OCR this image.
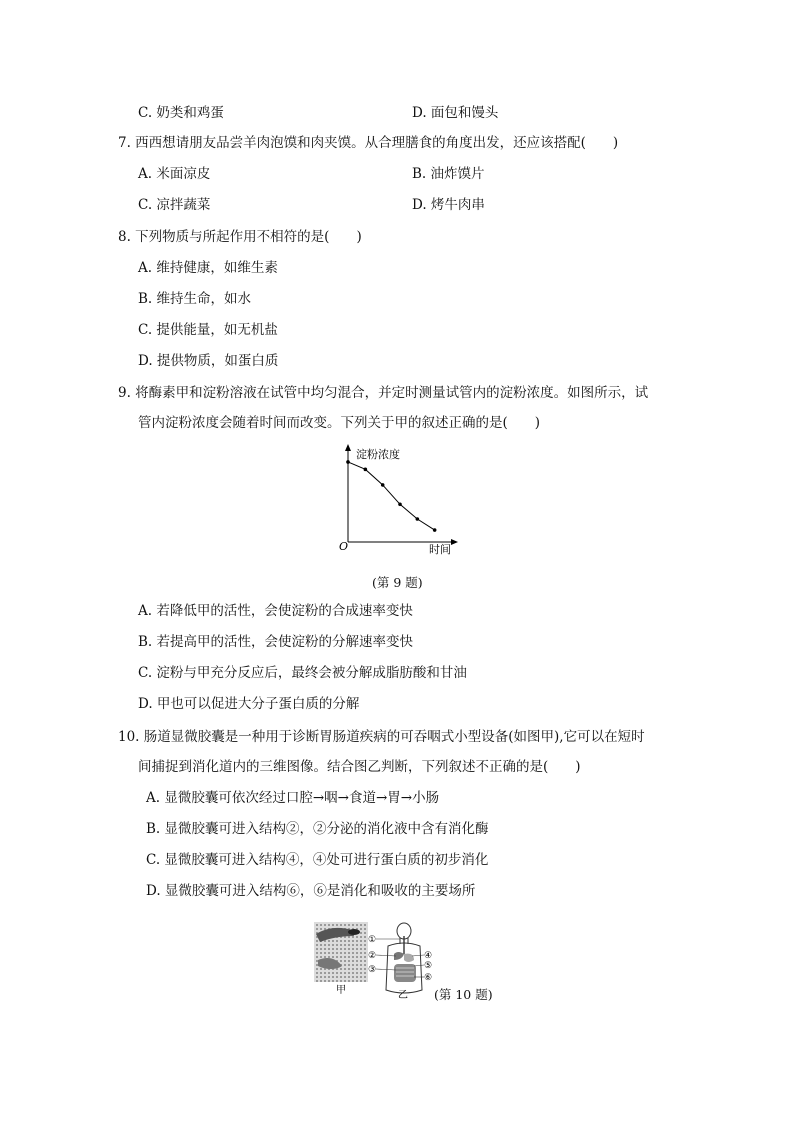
C. 奶类和鸡蛋	D. 面包和馒头
7. 西西想请朋友品尝羊肉泡馍和肉夹馍。从合理膳食的角度出发，还应该搭配(　　)
A. 米面凉皮	B. 油炸馍片
C. 凉拌蔬菜	D. 烤牛肉串
8. 下列物质与所起作用不相符的是(　　)
A. 维持健康，如维生素
B. 维持生命，如水
C. 提供能量，如无机盐
D. 提供物质，如蛋白质
9. 将酶素甲和淀粉溶液在试管中均匀混合，并定时测量试管内的淀粉浓度。如图所示，试
管内淀粉浓度会随着时间而改变。下列关于甲的叙述正确的是(　　)
淀粉浓度
时间
O
(第 9 题)
A. 若降低甲的活性，会使淀粉的合成速率变快
B. 若提高甲的活性，会使淀粉的分解速率变快
C. 淀粉与甲充分反应后，最终会被分解成脂肪酸和甘油
D. 甲也可以促进大分子蛋白质的分解
10. 肠道显微胶囊是一种用于诊断胃肠道疾病的可吞咽式小型设备(如图甲),它可以在短时
间捕捉到消化道内的三维图像。结合图乙判断，下列叙述不正确的是(　　)
A. 显微胶囊可依次经过口腔→咽→食道→胃→小肠
B. 显微胶囊可进入结构②，②分泌的消化液中含有消化酶
C. 显微胶囊可进入结构④，④处可进行蛋白质的初步消化
D. 显微胶囊可进入结构⑥，⑥是消化和吸收的主要场所
甲
①
②
③
④
⑤
⑥
乙 (第 10 题)
